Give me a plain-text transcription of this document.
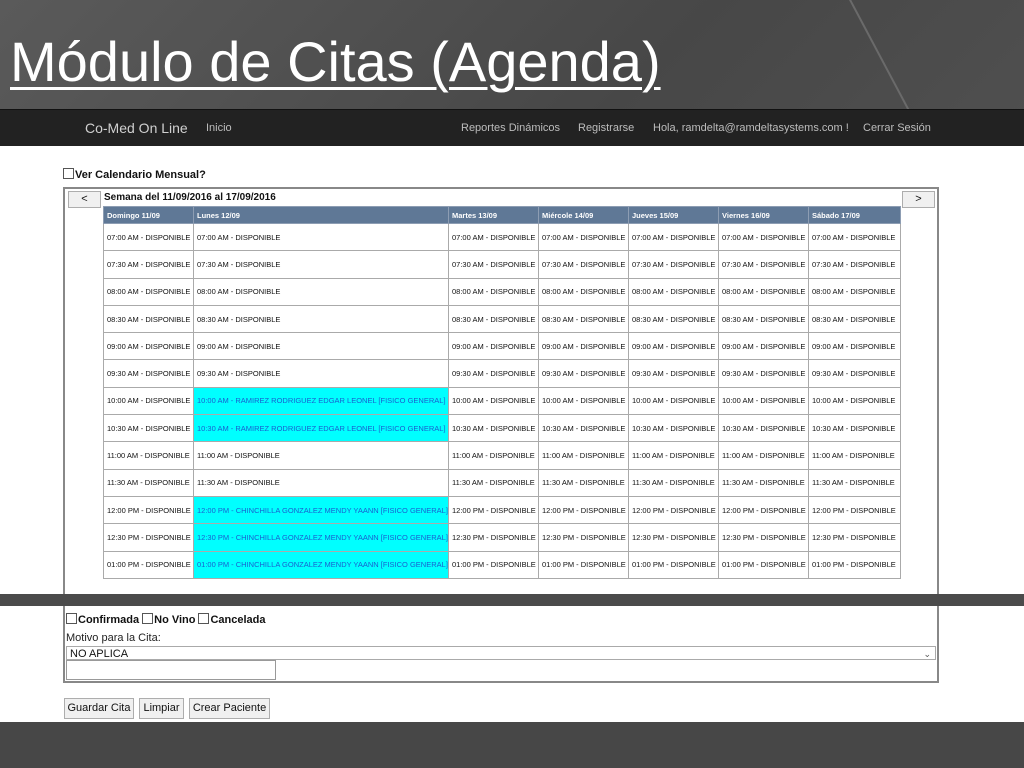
Módulo de Citas (Agenda)
Co-Med On Line Inicio	Reportes Dinámicos Registrarse Hola, ramdelta@ramdeltasystems.com ! Cerrar Sesión
Ver Calendario Mensual?
<	>
Semana del 11/09/2016 al 17/09/2016
Domingo 11/09	Lunes 12/09	Martes 13/09	Miércole 14/09	Jueves 15/09	Viernes 16/09	Sábado 17/09
07:00 AM - DISPONIBLE	07:00 AM - DISPONIBLE	07:00 AM - DISPONIBLE	07:00 AM - DISPONIBLE	07:00 AM - DISPONIBLE	07:00 AM - DISPONIBLE	07:00 AM - DISPONIBLE
07:30 AM - DISPONIBLE	07:30 AM - DISPONIBLE	07:30 AM - DISPONIBLE	07:30 AM - DISPONIBLE	07:30 AM - DISPONIBLE	07:30 AM - DISPONIBLE	07:30 AM - DISPONIBLE
08:00 AM - DISPONIBLE	08:00 AM - DISPONIBLE	08:00 AM - DISPONIBLE	08:00 AM - DISPONIBLE	08:00 AM - DISPONIBLE	08:00 AM - DISPONIBLE	08:00 AM - DISPONIBLE
08:30 AM - DISPONIBLE	08:30 AM - DISPONIBLE	08:30 AM - DISPONIBLE	08:30 AM - DISPONIBLE	08:30 AM - DISPONIBLE	08:30 AM - DISPONIBLE	08:30 AM - DISPONIBLE
09:00 AM - DISPONIBLE	09:00 AM - DISPONIBLE	09:00 AM - DISPONIBLE	09:00 AM - DISPONIBLE	09:00 AM - DISPONIBLE	09:00 AM - DISPONIBLE	09:00 AM - DISPONIBLE
09:30 AM - DISPONIBLE	09:30 AM - DISPONIBLE	09:30 AM - DISPONIBLE	09:30 AM - DISPONIBLE	09:30 AM - DISPONIBLE	09:30 AM - DISPONIBLE	09:30 AM - DISPONIBLE
10:00 AM - DISPONIBLE	10:00 AM - RAMIREZ RODRIGUEZ EDGAR LEONEL [FISICO GENERAL]	10:00 AM - DISPONIBLE	10:00 AM - DISPONIBLE	10:00 AM - DISPONIBLE	10:00 AM - DISPONIBLE	10:00 AM - DISPONIBLE
10:30 AM - DISPONIBLE	10:30 AM - RAMIREZ RODRIGUEZ EDGAR LEONEL [FISICO GENERAL]	10:30 AM - DISPONIBLE	10:30 AM - DISPONIBLE	10:30 AM - DISPONIBLE	10:30 AM - DISPONIBLE	10:30 AM - DISPONIBLE
11:00 AM - DISPONIBLE	11:00 AM - DISPONIBLE	11:00 AM - DISPONIBLE	11:00 AM - DISPONIBLE	11:00 AM - DISPONIBLE	11:00 AM - DISPONIBLE	11:00 AM - DISPONIBLE
11:30 AM - DISPONIBLE	11:30 AM - DISPONIBLE	11:30 AM - DISPONIBLE	11:30 AM - DISPONIBLE	11:30 AM - DISPONIBLE	11:30 AM - DISPONIBLE	11:30 AM - DISPONIBLE
12:00 PM - DISPONIBLE	12:00 PM - CHINCHILLA GONZALEZ MENDY YAANN [FISICO GENERAL]	12:00 PM - DISPONIBLE	12:00 PM - DISPONIBLE	12:00 PM - DISPONIBLE	12:00 PM - DISPONIBLE	12:00 PM - DISPONIBLE
12:30 PM - DISPONIBLE	12:30 PM - CHINCHILLA GONZALEZ MENDY YAANN [FISICO GENERAL]	12:30 PM - DISPONIBLE	12:30 PM - DISPONIBLE	12:30 PM - DISPONIBLE	12:30 PM - DISPONIBLE	12:30 PM - DISPONIBLE
01:00 PM - DISPONIBLE	01:00 PM - CHINCHILLA GONZALEZ MENDY YAANN [FISICO GENERAL]	01:00 PM - DISPONIBLE	01:00 PM - DISPONIBLE	01:00 PM - DISPONIBLE	01:00 PM - DISPONIBLE	01:00 PM - DISPONIBLE
Confirmada No Vino Cancelada
Motivo para la Cita:
NO APLICA	⌄
Guardar Cita	Limpiar	Crear Paciente
